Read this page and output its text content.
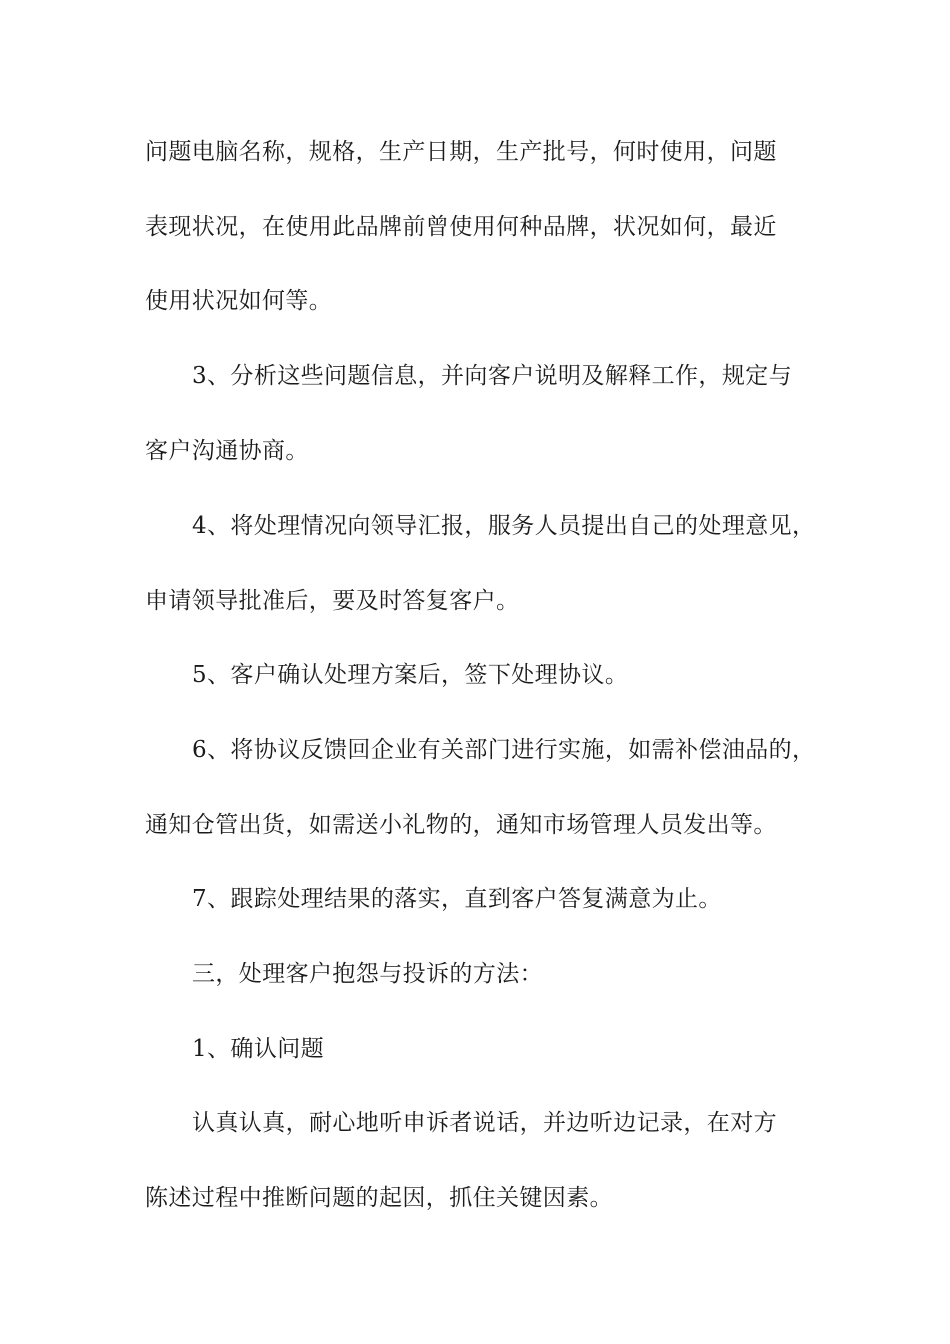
问题电脑名称，规格，生产日期，生产批号，何时使用，问题

表现状况，在使用此品牌前曾使用何种品牌，状况如何，最近

使用状况如何等。

3、分析这些问题信息，并向客户说明及解释工作，规定与

客户沟通协商。

4、将处理情况向领导汇报，服务人员提出自己的处理意见，

申请领导批准后，要及时答复客户。

5、客户确认处理方案后，签下处理协议。

6、将协议反馈回企业有关部门进行实施，如需补偿油品的，

通知仓管出货，如需送小礼物的，通知市场管理人员发出等。

7、跟踪处理结果的落实，直到客户答复满意为止。

三，处理客户抱怨与投诉的方法：

1、确认问题

认真认真，耐心地听申诉者说话，并边听边记录，在对方

陈述过程中推断问题的起因，抓住关键因素。
